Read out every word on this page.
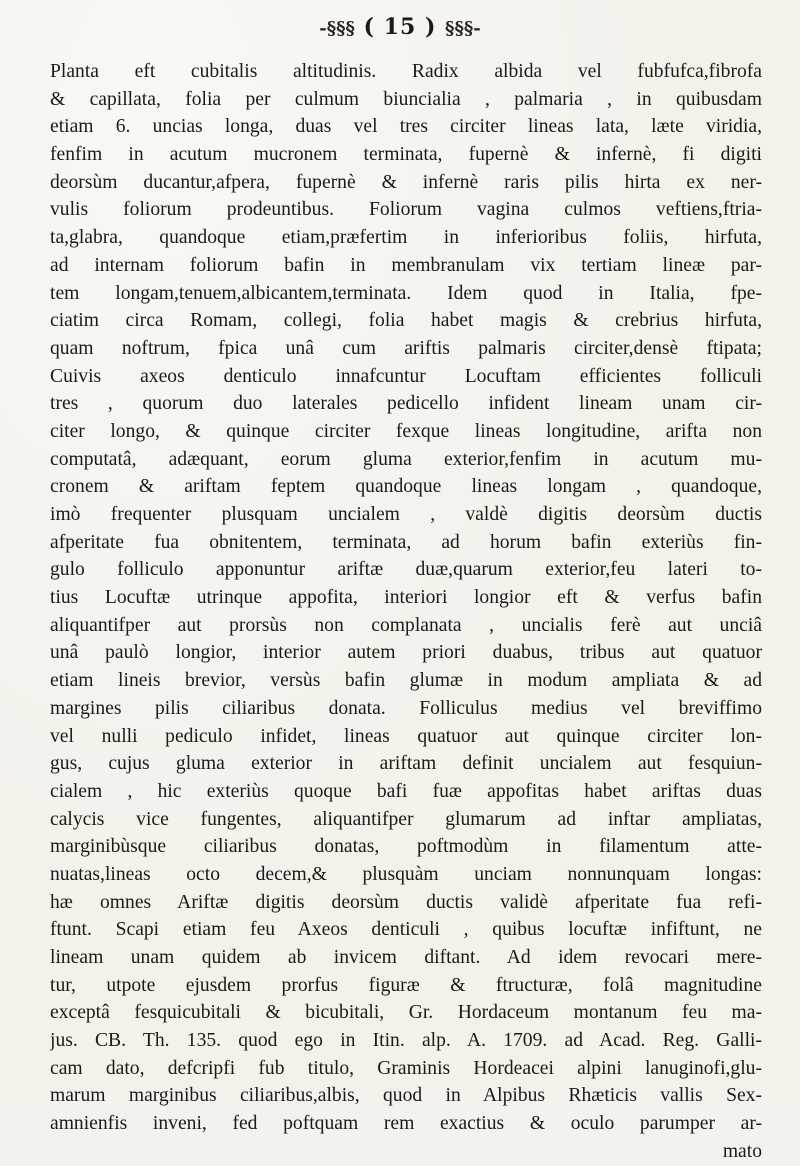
-§§§ ( 15 ) §§§-
Planta eft cubitalis altitudinis. Radix albida vel fubfufca,fibrofa
& capillata, folia per culmum biuncialia , palmaria , in quibusdam
etiam 6. uncias longa, duas vel tres circiter lineas lata, læte viridia,
fenfim in acutum mucronem terminata, fupernè & infernè, fi digiti
deorsùm ducantur,afpera, fupernè & infernè raris pilis hirta ex ner-
vulis foliorum prodeuntibus. Foliorum vagina culmos veftiens,ftria-
ta,glabra, quandoque etiam,præfertim in inferioribus foliis, hirfuta,
ad internam foliorum bafin in membranulam vix tertiam lineæ par-
tem longam,tenuem,albicantem,terminata. Idem quod in Italia, fpe-
ciatim circa Romam, collegi, folia habet magis & crebrius hirfuta,
quam noftrum, fpica unâ cum ariftis palmaris circiter,densè ftipata;
Cuivis axeos denticulo innafcuntur Locuftam efficientes folliculi
tres , quorum duo laterales pedicello infident lineam unam cir-
citer longo, & quinque circiter fexque lineas longitudine, arifta non
computatâ, adæquant, eorum gluma exterior,fenfim in acutum mu-
cronem & ariftam feptem quandoque lineas longam , quandoque,
imò frequenter plusquam uncialem , valdè digitis deorsùm ductis
afperitate fua obnitentem, terminata, ad horum bafin exteriùs fin-
gulo folliculo apponuntur ariftæ duæ,quarum exterior,feu lateri to-
tius Locuftæ utrinque appofita, interiori longior eft & verfus bafin
aliquantifper aut prorsùs non complanata , uncialis ferè aut unciâ
unâ paulò longior, interior autem priori duabus, tribus aut quatuor
etiam lineis brevior, versùs bafin glumæ in modum ampliata & ad
margines pilis ciliaribus donata. Folliculus medius vel breviffimo
vel nulli pediculo infidet, lineas quatuor aut quinque circiter lon-
gus, cujus gluma exterior in ariftam definit uncialem aut fesquiun-
cialem , hic exteriùs quoque bafi fuæ appofitas habet ariftas duas
calycis vice fungentes, aliquantifper glumarum ad inftar ampliatas,
marginibùsque ciliaribus donatas, poftmodùm in filamentum atte-
nuatas,lineas octo decem,& plusquàm unciam nonnunquam longas:
hæ omnes Ariftæ digitis deorsùm ductis validè afperitate fua refi-
ftunt. Scapi etiam feu Axeos denticuli , quibus locuftæ infiftunt, ne
lineam unam quidem ab invicem diftant. Ad idem revocari mere-
tur, utpote ejusdem prorfus figuræ & ftructuræ, folâ magnitudine
exceptâ fesquicubitali & bicubitali, Gr. Hordaceum montanum feu ma-
jus. CB. Th. 135. quod ego in Itin. alp. A. 1709. ad Acad. Reg. Galli-
cam dato, defcripfi fub titulo, Graminis Hordeacei alpini lanuginofi,glu-
marum marginibus ciliaribus,albis, quod in Alpibus Rhæticis vallis Sex-
amnienfis inveni, fed poftquam rem exactius & oculo parumper ar-
mato
